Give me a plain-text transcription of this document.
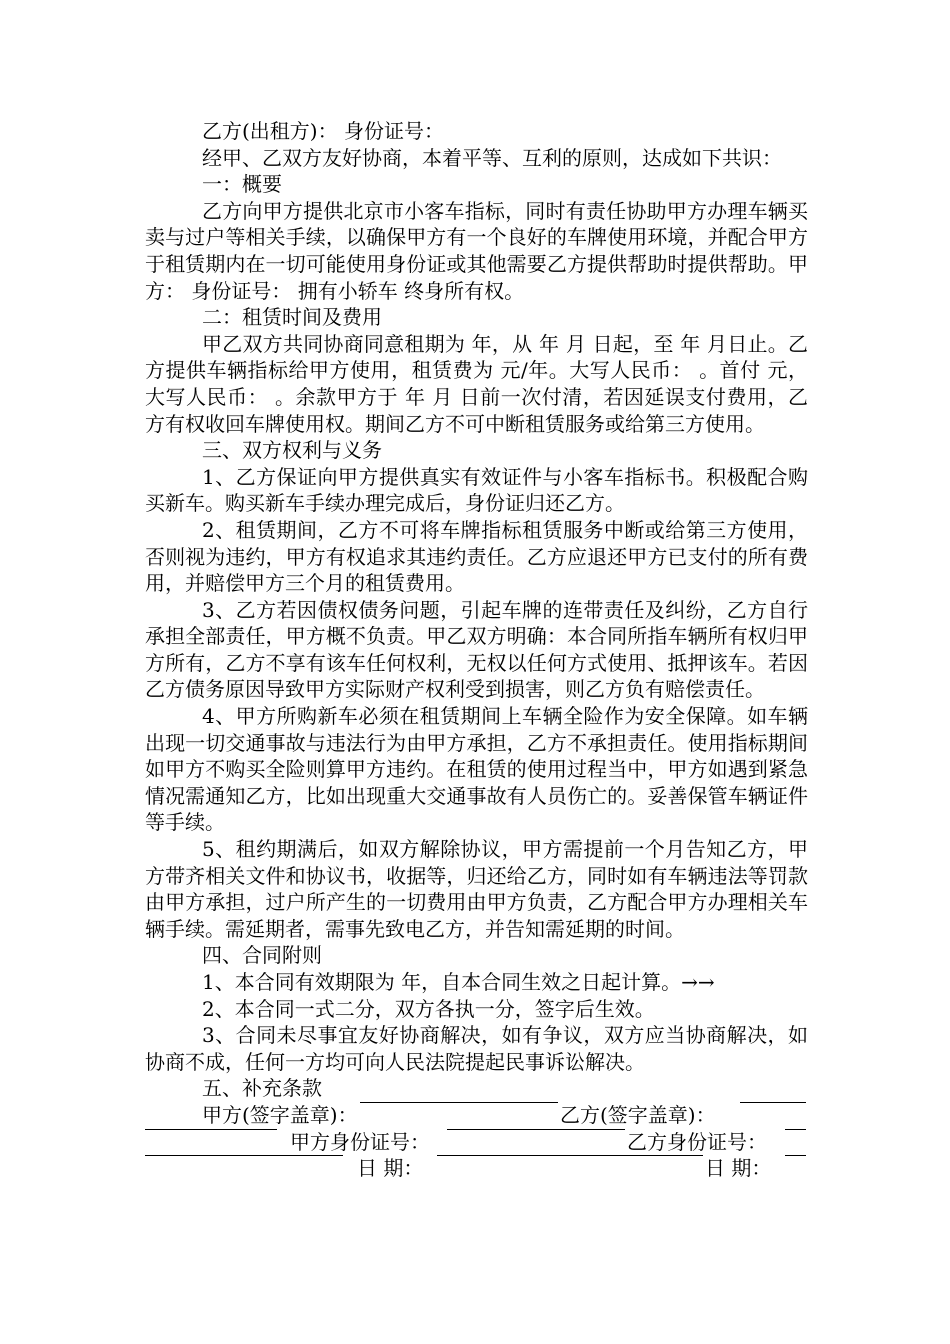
乙方(出租方)： 身份证号：

经甲、乙双方友好协商，本着平等、互利的原则，达成如下共识：

一：概要

乙方向甲方提供北京市小客车指标，同时有责任协助甲方办理车辆买卖与过户等相关手续，以确保甲方有一个良好的车牌使用环境，并配合甲方于租赁期内在一切可能使用身份证或其他需要乙方提供帮助时提供帮助。甲方： 身份证号： 拥有小轿车 终身所有权。

二：租赁时间及费用

甲乙双方共同协商同意租期为 年，从 年 月 日起，至 年 月日止。乙方提供车辆指标给甲方使用，租赁费为 元/年。大写人民币： 。首付 元，大写人民币： 。余款甲方于 年 月 日前一次付清，若因延误支付费用，乙方有权收回车牌使用权。期间乙方不可中断租赁服务或给第三方使用。

三、双方权利与义务

1、乙方保证向甲方提供真实有效证件与小客车指标书。积极配合购买新车。购买新车手续办理完成后，身份证归还乙方。

2、租赁期间，乙方不可将车牌指标租赁服务中断或给第三方使用，否则视为违约，甲方有权追求其违约责任。乙方应退还甲方已支付的所有费用，并赔偿甲方三个月的租赁费用。

3、乙方若因债权债务问题，引起车牌的连带责任及纠纷，乙方自行承担全部责任，甲方概不负责。甲乙双方明确：本合同所指车辆所有权归甲方所有，乙方不享有该车任何权利，无权以任何方式使用、抵押该车。若因乙方债务原因导致甲方实际财产权利受到损害，则乙方负有赔偿责任。

4、甲方所购新车必须在租赁期间上车辆全险作为安全保障。如车辆出现一切交通事故与违法行为由甲方承担，乙方不承担责任。使用指标期间如甲方不购买全险则算甲方违约。在租赁的使用过程当中，甲方如遇到紧急情况需通知乙方，比如出现重大交通事故有人员伤亡的。妥善保管车辆证件等手续。

5、租约期满后，如双方解除协议，甲方需提前一个月告知乙方，甲方带齐相关文件和协议书，收据等，归还给乙方，同时如有车辆违法等罚款由甲方承担，过户所产生的一切费用由甲方负责，乙方配合甲方办理相关车辆手续。需延期者，需事先致电乙方，并告知需延期的时间。

四、合同附则

1、本合同有效期限为 年，自本合同生效之日起计算。→→

2、本合同一式二分，双方各执一分，签字后生效。

3、合同未尽事宜友好协商解决，如有争议，双方应当协商解决，如协商不成，任何一方均可向人民法院提起民事诉讼解决。

五、补充条款

甲方(签字盖章)：	乙方(签字盖章)：
甲方身份证号：	乙方身份证号：
日 期：	日 期：
